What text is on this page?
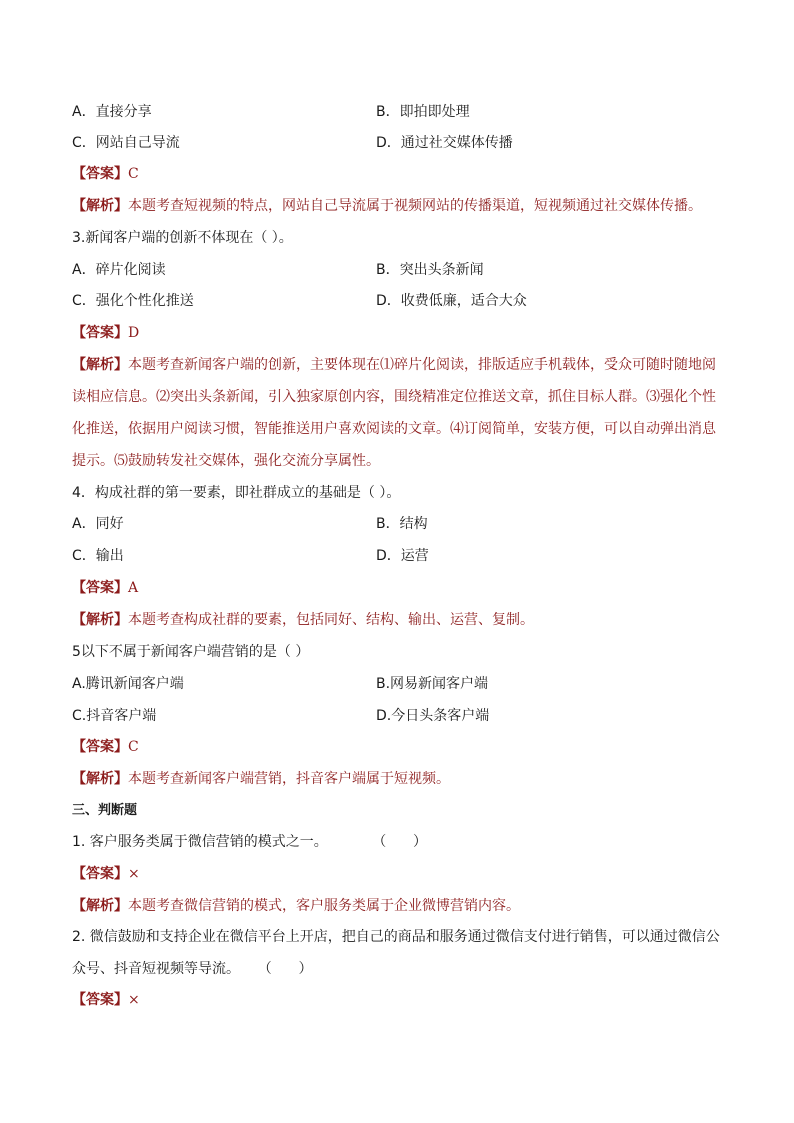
A．直接分享	B．即拍即处理
C．网站自己导流	D．通过社交媒体传播
【答案】C
【解析】本题考查短视频的特点，网站自己导流属于视频网站的传播渠道，短视频通过社交媒体传播。
3.新闻客户端的创新不体现在（ ）。
A．碎片化阅读	B．突出头条新闻
C．强化个性化推送	D．收费低廉，适合大众
【答案】D
【解析】本题考查新闻客户端的创新，主要体现在⑴碎片化阅读，排版适应手机载体，受众可随时随地阅读相应信息。⑵突出头条新闻，引入独家原创内容，围绕精准定位推送文章，抓住目标人群。⑶强化个性化推送，依据用户阅读习惯，智能推送用户喜欢阅读的文章。⑷订阅简单，安装方便，可以自动弹出消息提示。⑸鼓励转发社交媒体，强化交流分享属性。
4．构成社群的第一要素，即社群成立的基础是（ ）。
A．同好	B．结构
C．输出	D．运营
【答案】A
【解析】本题考查构成社群的要素，包括同好、结构、输出、运营、复制。
5以下不属于新闻客户端营销的是（ ）
A.腾讯新闻客户端	B.网易新闻客户端
C.抖音客户端	D.今日头条客户端
【答案】C
【解析】本题考查新闻客户端营销，抖音客户端属于短视频。
三、判断题
1. 客户服务类属于微信营销的模式之一。          （      ）
【答案】×
【解析】本题考查微信营销的模式，客户服务类属于企业微博营销内容。
2. 微信鼓励和支持企业在微信平台上开店，把自己的商品和服务通过微信支付进行销售，可以通过微信公众号、抖音短视频等导流。    （      ）
【答案】×
